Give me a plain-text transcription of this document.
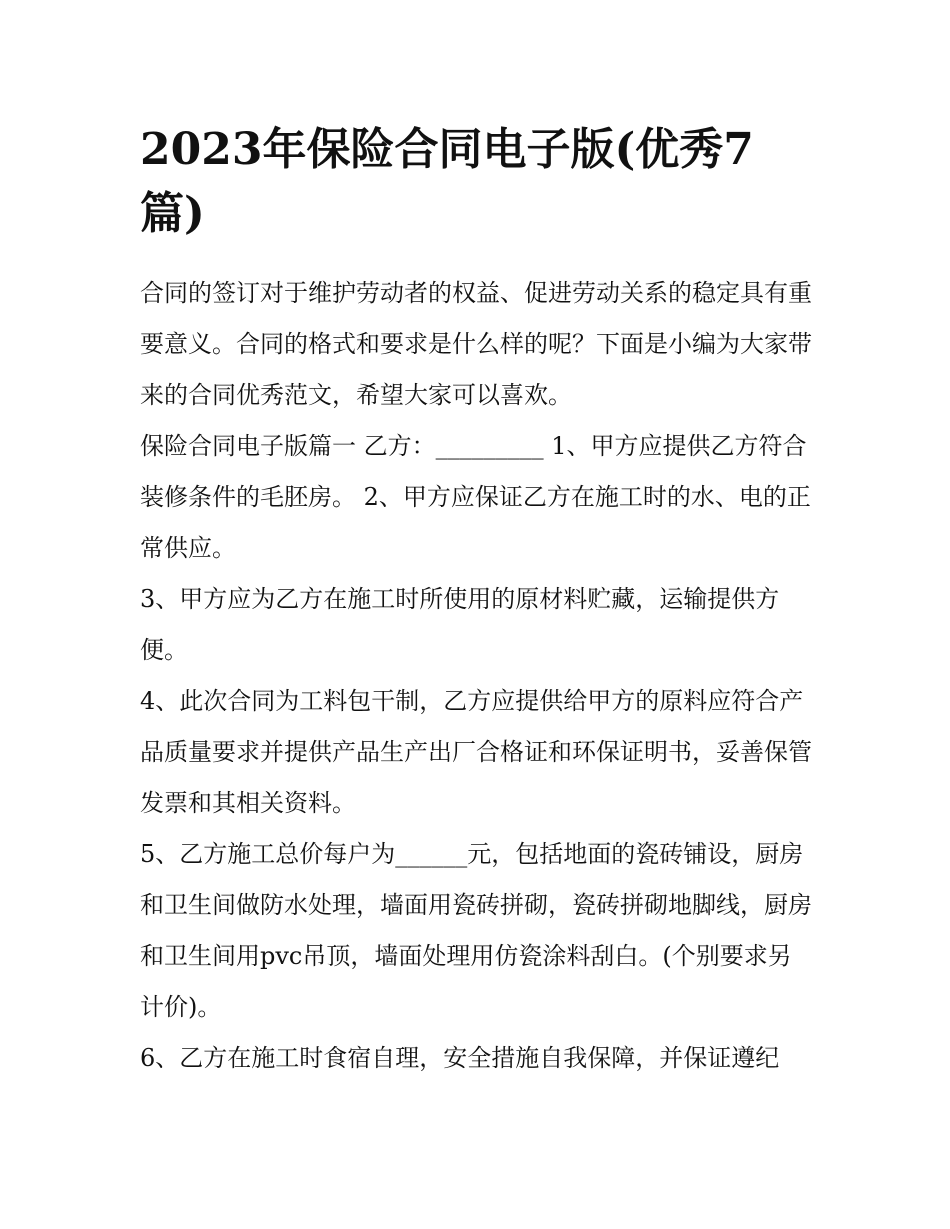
2023年保险合同电子版(优秀7篇)

合同的签订对于维护劳动者的权益、促进劳动关系的稳定具有重要意义。合同的格式和要求是什么样的呢？下面是小编为大家带来的合同优秀范文，希望大家可以喜欢。

保险合同电子版篇一 乙方：_________ 1、甲方应提供乙方符合装修条件的毛胚房。 2、甲方应保证乙方在施工时的水、电的正常供应。

3、甲方应为乙方在施工时所使用的原材料贮藏，运输提供方便。

4、此次合同为工料包干制，乙方应提供给甲方的原料应符合产品质量要求并提供产品生产出厂合格证和环保证明书，妥善保管发票和其相关资料。

5、乙方施工总价每户为______元，包括地面的瓷砖铺设，厨房和卫生间做防水处理，墙面用瓷砖拼砌，瓷砖拼砌地脚线，厨房和卫生间用pvc吊顶，墙面处理用仿瓷涂料刮白。(个别要求另计价)。

6、乙方在施工时食宿自理，安全措施自我保障，并保证遵纪
